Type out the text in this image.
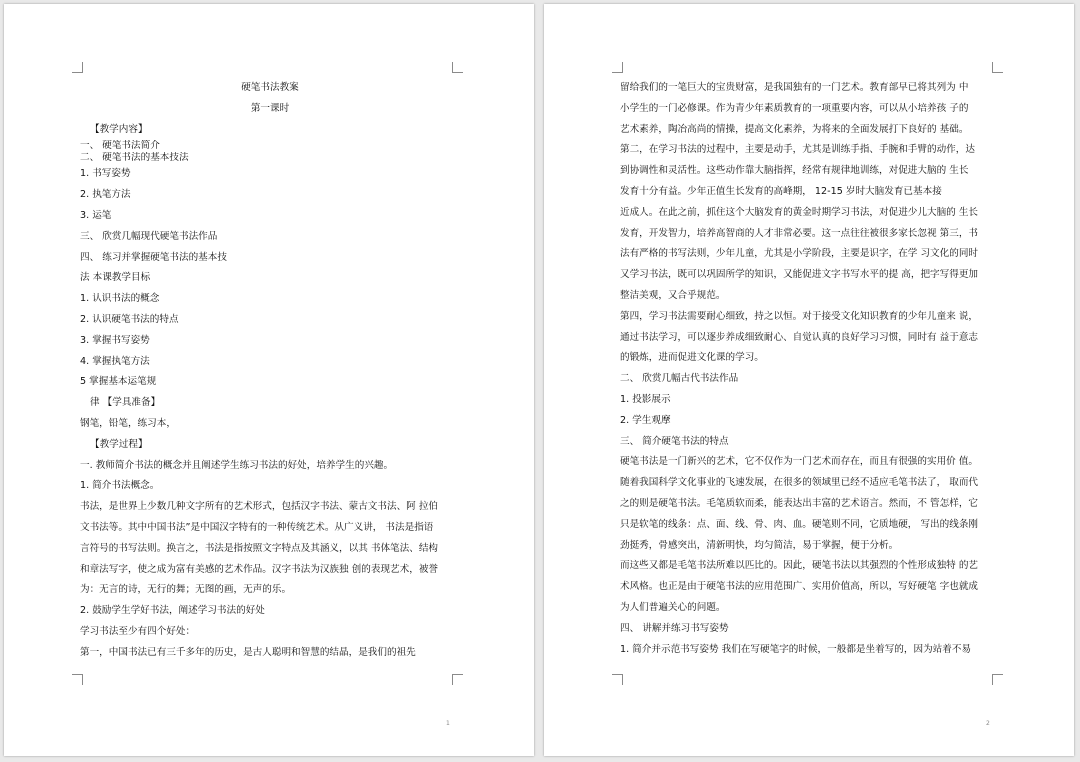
硬笔书法教案
第一课时
【教学内容】
一、 硬笔书法简介
二、 硬笔书法的基本技法
1. 书写姿势
2. 执笔方法
3. 运笔
三、 欣赏几幅现代硬笔书法作品
四、 练习并掌握硬笔书法的基本技
法 本课教学目标
1. 认识书法的概念
2. 认识硬笔书法的特点
3. 掌握书写姿势
4. 掌握执笔方法
5 掌握基本运笔规
律 【学具准备】
钢笔，铅笔，练习本，
【教学过程】
一. 教师简介书法的概念并且阐述学生练习书法的好处，培养学生的兴趣。
1. 简介书法概念。
书法，是世界上少数几种文字所有的艺术形式，包括汉字书法、蒙古文书法、阿 拉伯
文书法等。其中中国书法”是中国汉字特有的一种传统艺术。从广义讲， 书法是指语
言符号的书写法则。换言之，书法是指按照文字特点及其涵义，以其 书体笔法、结构
和章法写字，使之成为富有美感的艺术作品。汉字书法为汉族独 创的表现艺术，被誉
为：无言的诗，无行的舞；无图的画，无声的乐。
2. 鼓励学生学好书法，阐述学习书法的好处
学习书法至少有四个好处：
第一，中国书法已有三千多年的历史，是古人聪明和智慧的结晶，是我们的祖先
1
留给我们的一笔巨大的宝贵财富，是我国独有的一门艺术。教育部早已将其列为 中
小学生的一门必修课。作为青少年素质教育的一项重要内容，可以从小培养孩 子的
艺术素养，陶冶高尚的情操，提高文化素养，为将来的全面发展打下良好的 基础。
第二，在学习书法的过程中，主要是动手，尤其是训练手指、手腕和手臂的动作，达
到协调性和灵活性。这些动作靠大脑指挥，经常有规律地训练，对促进大脑的 生长
发育十分有益。少年正值生长发育的高峰期， 12-15 岁时大脑发育已基本接
近成人。在此之前，抓住这个大脑发育的黄金时期学习书法，对促进少儿大脑的 生长
发育，开发智力，培养高智商的人才非常必要。这一点往往被很多家长忽视 第三，书
法有严格的书写法则，少年儿童，尤其是小学阶段，主要是识字，在学 习文化的同时
又学习书法，既可以巩固所学的知识，又能促进文字书写水平的提 高，把字写得更加
整洁美观，又合乎规范。
第四，学习书法需要耐心细致，持之以恒。对于接受文化知识教育的少年儿童来 说，
通过书法学习，可以逐步养成细致耐心、自觉认真的良好学习习惯，同时有 益于意志
的锻炼，进而促进文化课的学习。
二、 欣赏几幅古代书法作品
1. 投影展示
2. 学生观摩
三、 简介硬笔书法的特点
硬笔书法是一门新兴的艺术，它不仅作为一门艺术而存在，而且有很强的实用价 值。
随着我国科学文化事业的飞速发展，在很多的领域里已经不适应毛笔书法了， 取而代
之的则是硬笔书法。毛笔质软而柔，能表达出丰富的艺术语言。然而，不 管怎样，它
只是软笔的线条：点、面、线、骨、肉、血。硬笔则不同，它质地硬， 写出的线条刚
劲挺秀，骨感突出，清新明快，均匀简洁，易于掌握，便于分析。
而这些又都是毛笔书法所难以匹比的。因此，硬笔书法以其强烈的个性形成独特 的艺
术风格。也正是由于硬笔书法的应用范围广、实用价值高，所以，写好硬笔 字也就成
为人们普遍关心的问题。
四、 讲解并练习书写姿势
1. 简介并示范书写姿势 我们在写硬笔字的时候，一般都是坐着写的，因为站着不易
2
